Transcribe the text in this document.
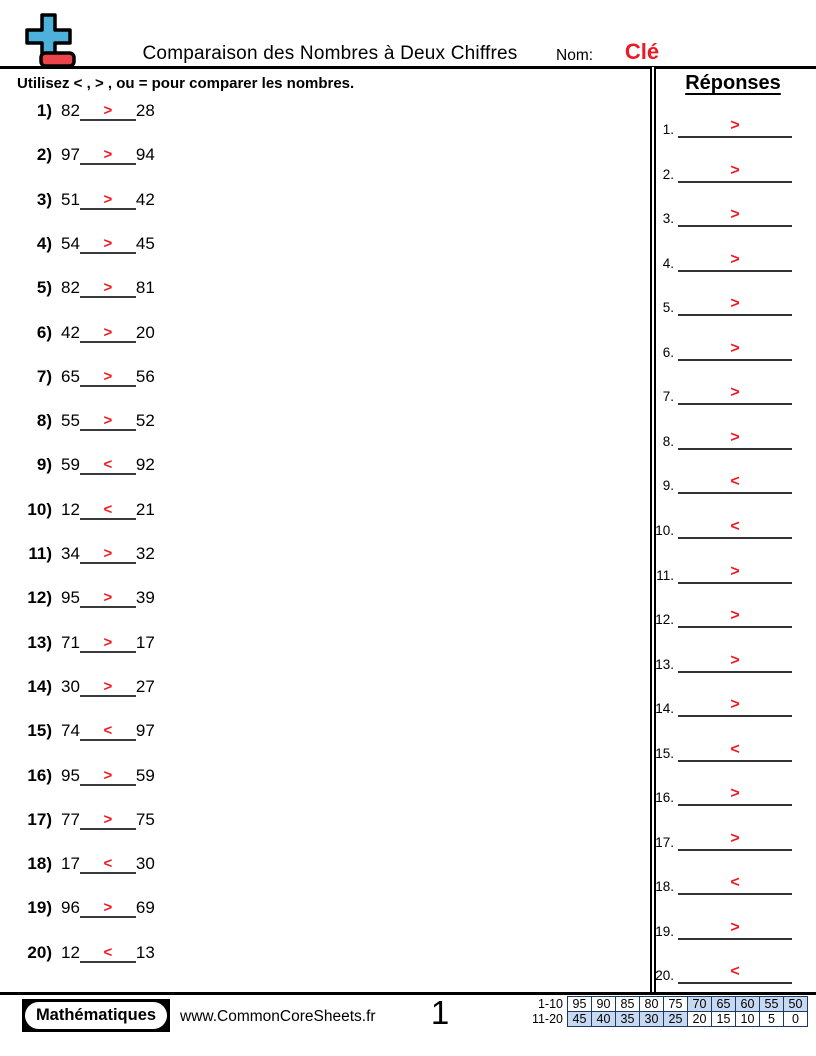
Comparaison des Nombres à Deux Chiffres	Nom:	Clé
Utilisez < , > , ou = pour comparer les nombres.
1) 82	>	28
2) 97	>	94
3) 51	>	42
4) 54	>	45
5) 82	>	81
6) 42	>	20
7) 65	>	56
8) 55	>	52
9) 59	<	92
10) 12	<	21
11) 34	>	32
12) 95	>	39
13) 71	>	17
14) 30	>	27
15) 74	<	97
16) 95	>	59
17) 77	>	75
18) 17	<	30
19) 96	>	69
20) 12	<	13
Réponses
1.	>
2.	>
3.	>
4.	>
5.	>
6.	>
7.	>
8.	>
9.	<
10.	<
11.	>
12.	>
13.	>
14.	>
15.	<
16.	>
17.	>
18.	<
19.	>
20.	<
Mathématiques	www.CommonCoreSheets.fr	1	1-10	95	90	85	80	75	70	65	60	55	50
11-20	45	40	35	30	25	20	15	10	5	0
